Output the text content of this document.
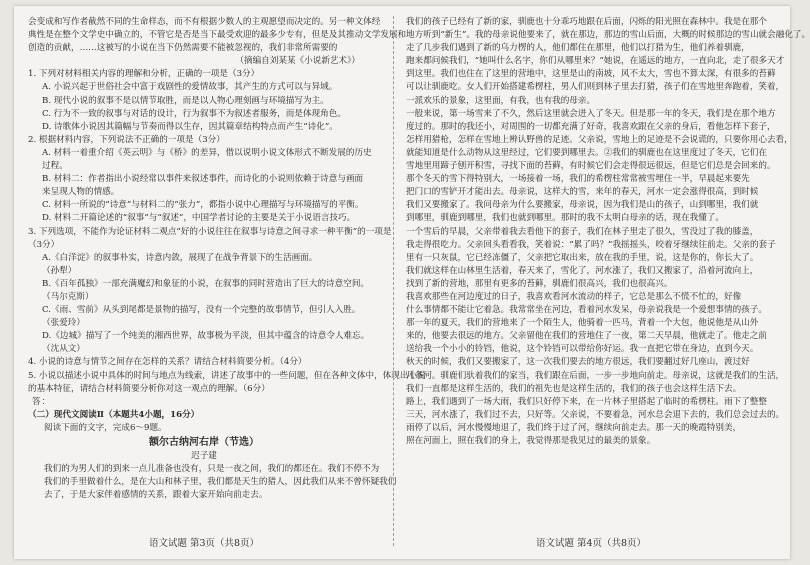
会变成和写作者截然不同的生命样态，而不有根据少数人的主观愿望而决定的。另一种文体经
典性是在整个文学史中确立的，不管它是否是当下最受欢迎的最多少专有，但是及其推动文学发展和
创造的贡献，……这被写的小说在当下仍然需要不能被忽视的，我们非常所需要的
（摘编自刘某某《小说新艺术》）
1. 下列对材料相关内容的理解和分析，正确的一项是（3分）
A. 小说兴起于世俗社会中富于戏剧性的爱情故事，其产生的方式可以与异域。
B. 现代小说的叙事不是以情节取胜，而是以人物心理刻画与环境描写为主。
C. 行为不一致的叙事与对话的设计，行为叙事不为叙述者服务，而是体现角色。
D. 诗歌体小说因其篇幅与节奏而得以生存，因其篇章结构特点而产生“诗化”。
2. 根据材料内容，下列说法不正确的一项是（3分）
A. 材料一着重介绍《英云明》与《桥》的差异，借以说明小说文体形式不断发展的历史
过程。
B. 材料二：作者指出小说经常以事件来叙述事件，而诗化的小说则依赖于诗意与画面
来呈现人物的情感。
C. 材料一所说的“诗意”与材料二的“张力”，都指小说中心理描写与环境描写的平衡。
D. 材料二开篇论述的“叙事”与“叙述”，中国学者讨论的主要是关于小说语言技巧。
3. 下列选项，不能作为论证材料二观点“好的小说往往在叙事与诗意之间寻求一种平衡”的一项是
（3分）
A.《白洋淀》的叙事朴实，诗意内敛，展现了在战争背景下的生活画面。
（孙犁）
B.《百年孤独》一部充满魔幻和象征的小说，在叙事的同时营造出了巨大的诗意空间。
（马尔克斯）
C.《雨、雪前》从头到尾都是景物的描写，没有一个完整的故事情节，但引人入胜。
（张爱玲）
D.《边城》描写了一个纯美的湘西世界，故事极为平淡，但其中蕴含的诗意令人难忘。
（沈从文）
4. 小说的诗意与情节之间存在怎样的关系？请结合材料简要分析。（4分）
5. 小说以描述小说中具体的时间与地点为线索，讲述了故事中的一些问题，但在各种文体中，体现出小说
的基本特征，请结合材料简要分析你对这一观点的理解。（6分）
答：
（二）现代文阅读Ⅱ（本题共4小题，16分）
阅读下面的文字，完成6～9题。
额尔古纳河右岸（节选）
迟子建
我们的为男人们的到来一点儿准备也没有，只是一夜之间，我们的都还在。我们不停不为
我们的手里做着什么，是在大山和林子里，我们都是天生的猎人，因此我们从来不曾怀疑我们
去了，于是大家伴着感情的关系，跟着大家开始向前走去。
语文试题 第3页（共8页）
我们的孩子已经有了新的家，驯鹿也十分乖巧地跟在后面，闪烁的阳光照在森林中。我是在那个
地方听到“新生”。我的母亲说他要来了，就在那边，那边的雪山后面，大概的时候那边的雪山就会融化了。
走了几步我们遇到了新的乌力楞的人，他们都住在那里，他们以打猎为生，他们养着驯鹿，
跑来都问候我们，“她叫什么名字，你们从哪里来？”她说，在遥远的地方，一直向北，走了很多天才
到这里。我们也住在了这里的营地中，这里是山的南坡，风不太大，雪也不算太深，有很多的苔藓
可以让驯鹿吃。女人们开始搭建希楞柱，男人们则到林子里去打猎，孩子们在雪地里奔跑着，笑着，
一派欢乐的景象，这里面，有我，也有我的母亲。
一般来说，第一场雪来了不久，然后这里就会进入了冬天。但是那一年的冬天，我们是在那个地方
度过的。那时的我还小，对周围的一切都充满了好奇，我喜欢跟在父亲的身后，看他怎样下套子，
怎样用猎枪，怎样在雪地上辨认野兽的足迹。父亲说，雪地上的足迹是不会说谎的，只要你用心去看，
就能知道是什么动物从这里经过，它们要到哪里去。②我们的驯鹿也在这里度过了冬天，它们在
雪地里用蹄子刨开积雪，寻找下面的苔藓，有时候它们会走得很远很远，但是它们总是会回来的。
那个冬天的雪下得特别大，一场接着一场，我们的希楞柱常常被雪埋住一半，早晨起来要先
把门口的雪铲开才能出去。母亲说，这样大的雪，来年的春天，河水一定会涨得很高，到时候
我们又要搬家了。我问母亲为什么要搬家，母亲说，因为我们是山的孩子，山到哪里，我们就
到哪里，驯鹿到哪里，我们也就到哪里。那时的我不太明白母亲的话，现在我懂了。
一个雪后的早晨，父亲带着我去看他下的套子，我们在林子里走了很久，雪没过了我的膝盖，
我走得很吃力。父亲回头看看我，笑着说：“累了吗？”我摇摇头，咬着牙继续往前走。父亲的套子
里有一只灰鼠，它已经冻僵了，父亲把它取出来，放在我的手里，说，这是你的，你长大了。
我们就这样在山林里生活着，春天来了，雪化了，河水涨了，我们又搬家了，沿着河流向上，
找到了新的营地，那里有更多的苔藓，驯鹿们很高兴，我们也很高兴。
我喜欢那些在河边度过的日子，我喜欢看河水流动的样子，它总是那么不慌不忙的，好像
什么事情都不能让它着急。我常常坐在河边，看着河水发呆，母亲说我是一个爱想事情的孩子。
那一年的夏天，我们的营地来了一个陌生人，他骑着一匹马，背着一个大包，他说他是从山外
来的，他要去很远的地方。父亲留他在我们的营地住了一夜，第二天早晨，他就走了。他走之前
送给我一个小小的铃铛，他说，这个铃铛可以带给你好运。我一直把它带在身边，直到今天。
秋天的时候，我们又要搬家了，这一次我们要去的地方很远，我们要翻过好几座山，渡过好
几条河。驯鹿们驮着我们的家当，我们跟在后面，一步一步地向前走。母亲说，这就是我们的生活，
我们一直都是这样生活的，我们的祖先也是这样生活的，我们的孩子也会这样生活下去。
路上，我们遇到了一场大雨，我们只好停下来，在一片林子里搭起了临时的希楞柱。雨下了整整
三天，河水涨了，我们过不去，只好等。父亲说，不要着急，河水总会退下去的，我们总会过去的。
雨停了以后，河水慢慢地退了，我们终于过了河，继续向前走去。那一天的晚霞特别美，
照在河面上，照在我们的身上，我觉得那是我见过的最美的景象。
语文试题 第4页（共8页）
